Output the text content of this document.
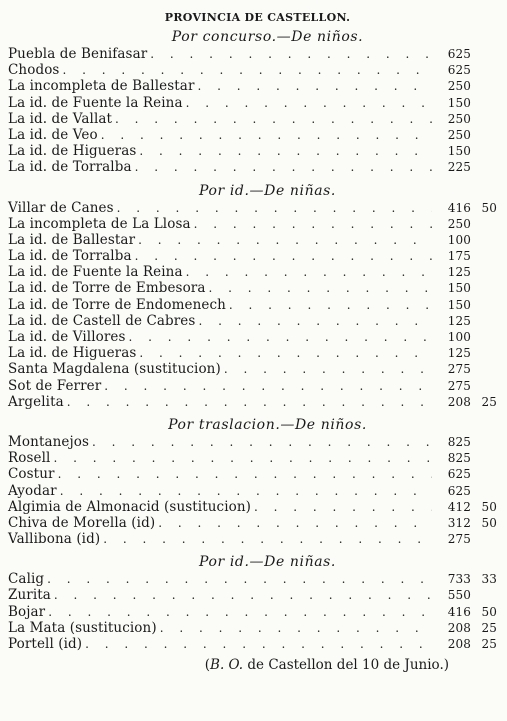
PROVINCIA DE CASTELLON.
Por concurso.—De niños.
Puebla de Benifasar . . .	625
Chodos . . .	625
La incompleta de Ballestar . . .	250
La id. de Fuente la Reina . . .	150
La id. de Vallat . . .	250
La id. de Veo . . .	250
La id. de Higueras . . .	150
La id. de Torralba . . .	225
Por id.—De niñas.
Villar de Canes . . .	416 50
La incompleta de La Llosa . . .	250
La id. de Ballestar . . .	100
La id. de Torralba . . .	175
La id. de Fuente la Reina . . .	125
La id. de Torre de Embesora . . .	150
La id. de Torre de Endomenech . . .	150
La id. de Castell de Cabres . . .	125
La id. de Villores . . .	100
La id. de Higueras . . .	125
Santa Magdalena (sustitucion) . . .	275
Sot de Ferrer . . .	275
Argelita . . .	208 25
Por traslacion.—De niños.
Montanejos . . .	825
Rosell . . .	825
Costur . . .	625
Ayodar . . .	625
Algimia de Almonacid (sustitucion) . . .	412 50
Chiva de Morella (id) . . .	312 50
Vallibona (id) . . .	275
Por id.—De niñas.
Calig . . .	733 33
Zurita . . .	550
Bojar . . .	416 50
La Mata (sustitucion) . . .	208 25
Portell (id) . . .	208 25
(B. O. de Castellon del 10 de Junio.)
